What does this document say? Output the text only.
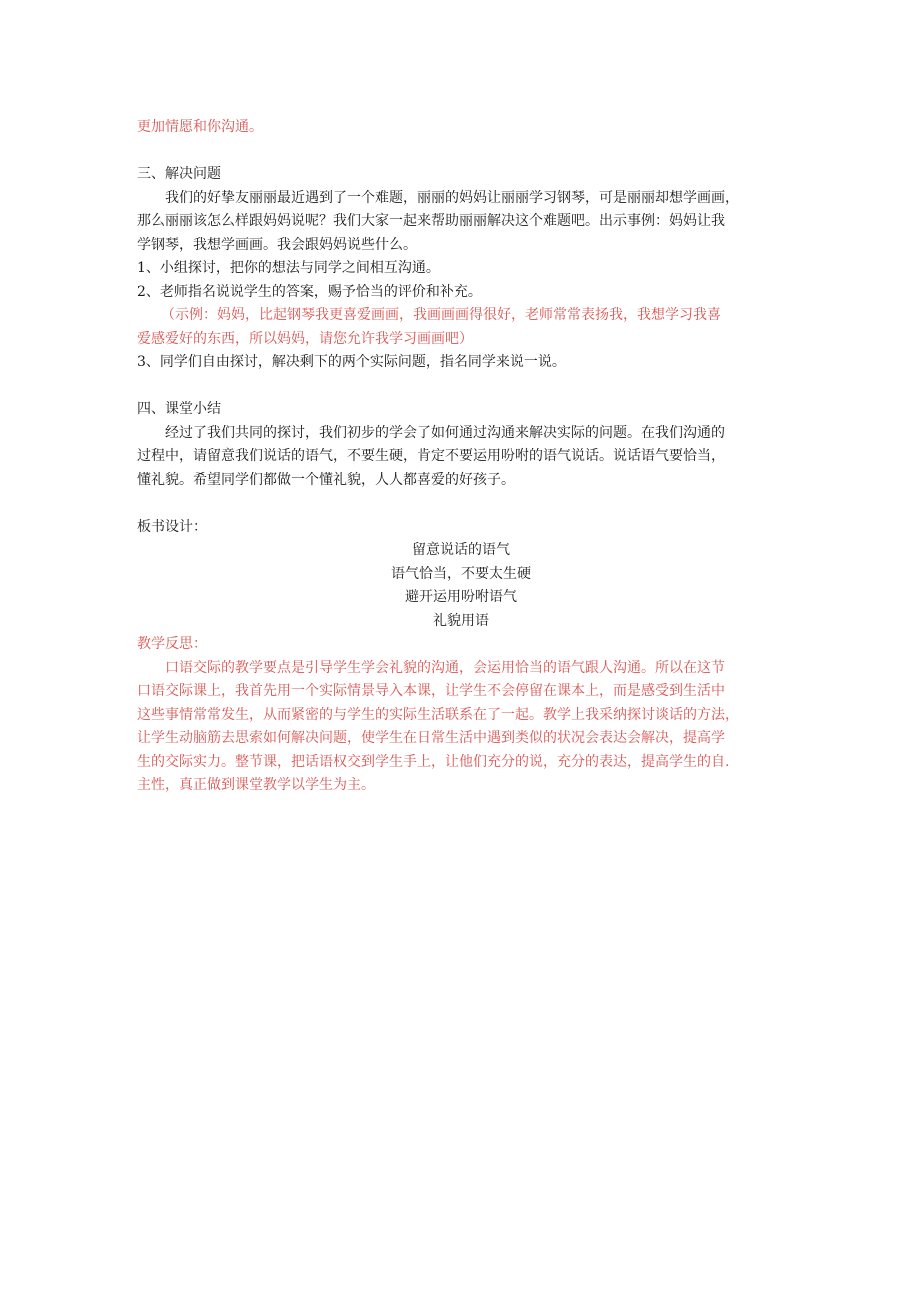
更加情愿和你沟通。
三、解决问题
我们的好挚友丽丽最近遇到了一个难题，丽丽的妈妈让丽丽学习钢琴，可是丽丽却想学画画，
那么丽丽该怎么样跟妈妈说呢？我们大家一起来帮助丽丽解决这个难题吧。出示事例：妈妈让我
学钢琴，我想学画画。我会跟妈妈说些什么。
1、小组探讨，把你的想法与同学之间相互沟通。
2、老师指名说说学生的答案，赐予恰当的评价和补充。
（示例：妈妈，比起钢琴我更喜爱画画，我画画画得很好，老师常常表扬我，我想学习我喜
爱感爱好的东西，所以妈妈，请您允许我学习画画吧）
3、同学们自由探讨，解决剩下的两个实际问题，指名同学来说一说。
四、课堂小结
经过了我们共同的探讨，我们初步的学会了如何通过沟通来解决实际的问题。在我们沟通的
过程中，请留意我们说话的语气，不要生硬，肯定不要运用吩咐的语气说话。说话语气要恰当，
懂礼貌。希望同学们都做一个懂礼貌，人人都喜爱的好孩子。
板书设计：
留意说话的语气
语气恰当，不要太生硬
避开运用吩咐语气
礼貌用语
教学反思：
口语交际的教学要点是引导学生学会礼貌的沟通，会运用恰当的语气跟人沟通。所以在这节
口语交际课上，我首先用一个实际情景导入本课，让学生不会停留在课本上，而是感受到生活中
这些事情常常发生，从而紧密的与学生的实际生活联系在了一起。教学上我采纳探讨谈话的方法，
让学生动脑筋去思索如何解决问题，使学生在日常生活中遇到类似的状况会表达会解决，提高学
生的交际实力。整节课，把话语权交到学生手上，让他们充分的说，充分的表达，提高学生的自.
主性，真正做到课堂教学以学生为主。
